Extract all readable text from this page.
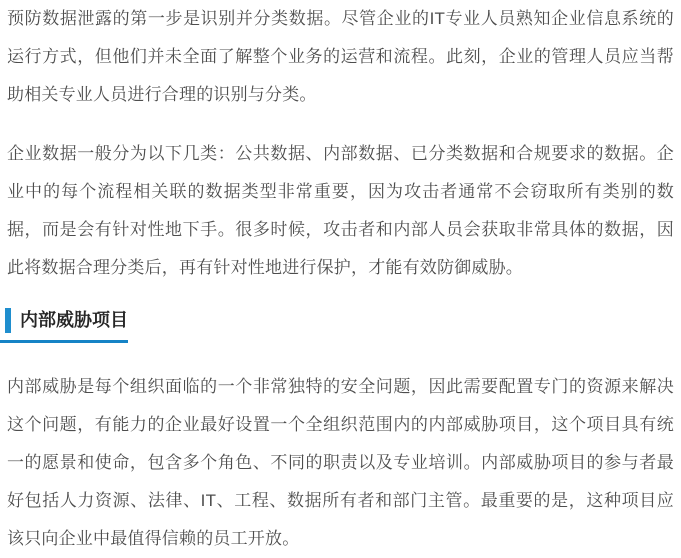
预防数据泄露的第一步是识别并分类数据。尽管企业的IT专业人员熟知企业信息系统的运行方式，但他们并未全面了解整个业务的运营和流程。此刻，企业的管理人员应当帮助相关专业人员进行合理的识别与分类。

企业数据一般分为以下几类：公共数据、内部数据、已分类数据和合规要求的数据。企业中的每个流程相关联的数据类型非常重要，因为攻击者通常不会窃取所有类别的数据，而是会有针对性地下手。很多时候，攻击者和内部人员会获取非常具体的数据，因此将数据合理分类后，再有针对性地进行保护，才能有效防御威胁。

内部威胁项目

内部威胁是每个组织面临的一个非常独特的安全问题，因此需要配置专门的资源来解决这个问题，有能力的企业最好设置一个全组织范围内的内部威胁项目，这个项目具有统一的愿景和使命，包含多个角色、不同的职责以及专业培训。内部威胁项目的参与者最好包括人力资源、法律、IT、工程、数据所有者和部门主管。最重要的是，这种项目应该只向企业中最值得信赖的员工开放。
